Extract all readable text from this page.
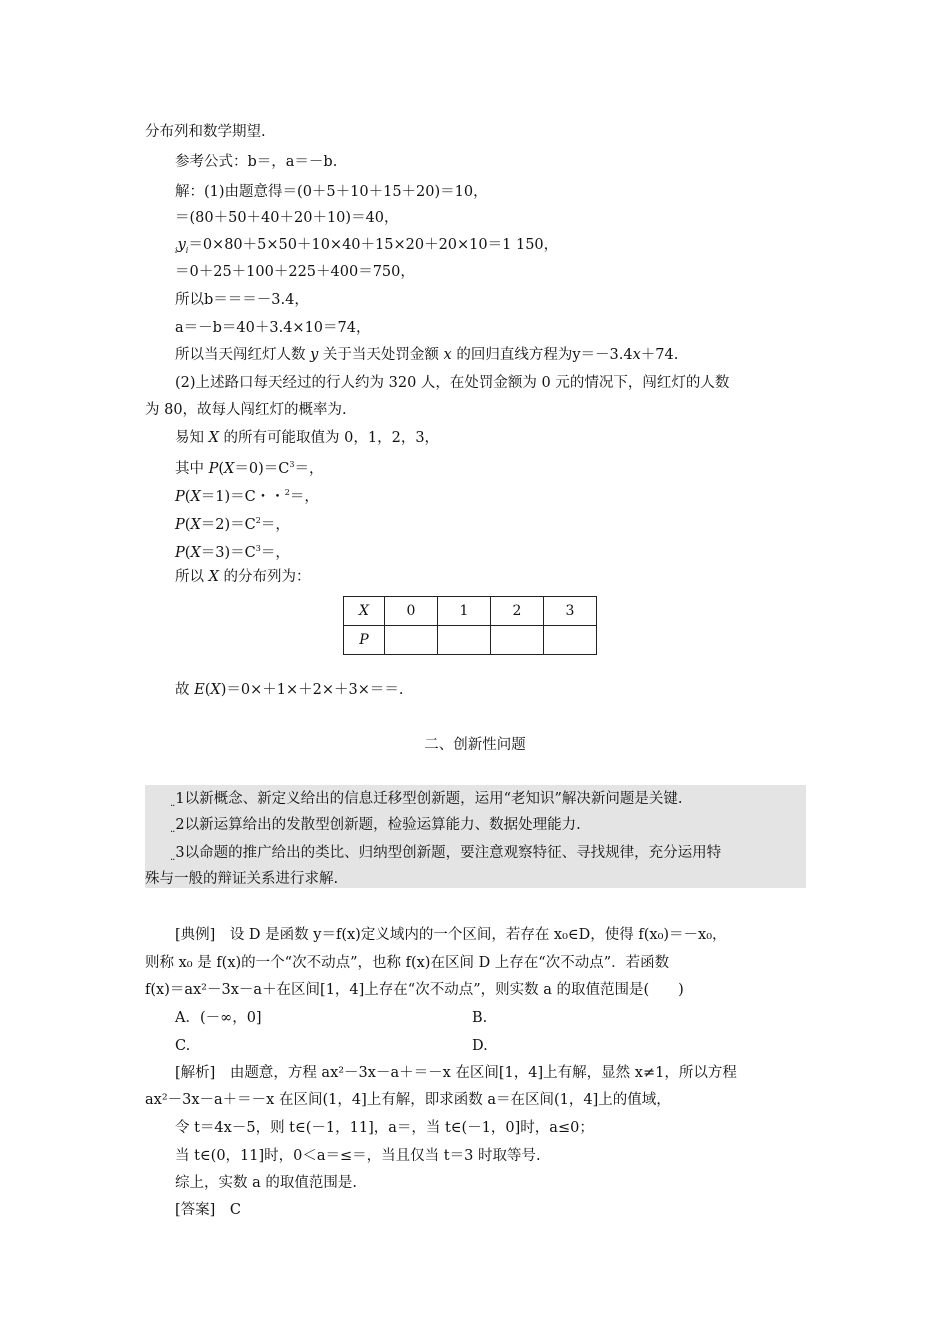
分布列和数学期望.
参考公式：b＝，a＝－b.
解：(1)由题意得＝(0＋5＋10＋15＋20)＝10，
＝(80＋50＋40＋20＋10)＝40，
$_iy_i=0\times 80+5\times 50+10\times 40+15\times 20+20\times 10=1$ 150，
＝0＋25＋100＋225＋400＝750，
所以b＝＝＝－3.4，
a＝－b＝40＋3.4×10＝74，
所以当天闯红灯人数 y 关于当天处罚金额 x 的回归直线方程为y＝－3.4x＋74.
(2)上述路口每天经过的行人约为 320 人，在处罚金额为 0 元的情况下，闯红灯的人数
为 80，故每人闯红灯的概率为.
易知 X 的所有可能取值为 0，1，2，3，
其中 $P(X=0)=C^3=$，
P(X＝1)＝C・・$^2$＝，
$P(X=2)=C^2=$，
$P(X=3)=C^3=$，
所以 X 的分布列为：
X	0	1	2	3
P				
故 E(X)＝0×＋1×＋2×＋3×＝＝.
二、创新性问题
$_{..}$1以新概念、新定义给出的信息迁移型创新题，运用“老知识”解决新问题是关键.
$_{..}$2以新运算给出的发散型创新题，检验运算能力、数据处理能力.
$_{..}$3以命题的推广给出的类比、归纳型创新题，要注意观察特征、寻找规律，充分运用特
殊与一般的辩证关系进行求解.
[典例]　设 D 是函数 y＝f(x)定义域内的一个区间，若存在 x₀∈D，使得 f(x₀)＝－x₀，
则称 x₀ 是 f(x)的一个“次不动点”，也称 f(x)在区间 D 上存在“次不动点”．若函数
f(x)＝ax²－3x－a＋在区间[1，4]上存在“次不动点”，则实数 a 的取值范围是(　　)
A．(－∞，0]	B.
C.	D.
[解析]　由题意，方程 ax²－3x－a＋＝－x 在区间[1，4]上有解，显然 x≠1，所以方程
ax²－3x－a＋＝－x 在区间(1，4]上有解，即求函数 a＝在区间(1，4]上的值域，
令 t＝4x－5，则 t∈(－1，11]，a＝，当 t∈(－1，0]时，a≤0；
当 t∈(0，11]时，0＜a＝≤＝，当且仅当 t＝3 时取等号.
综上，实数 a 的取值范围是.
[答案]　C
